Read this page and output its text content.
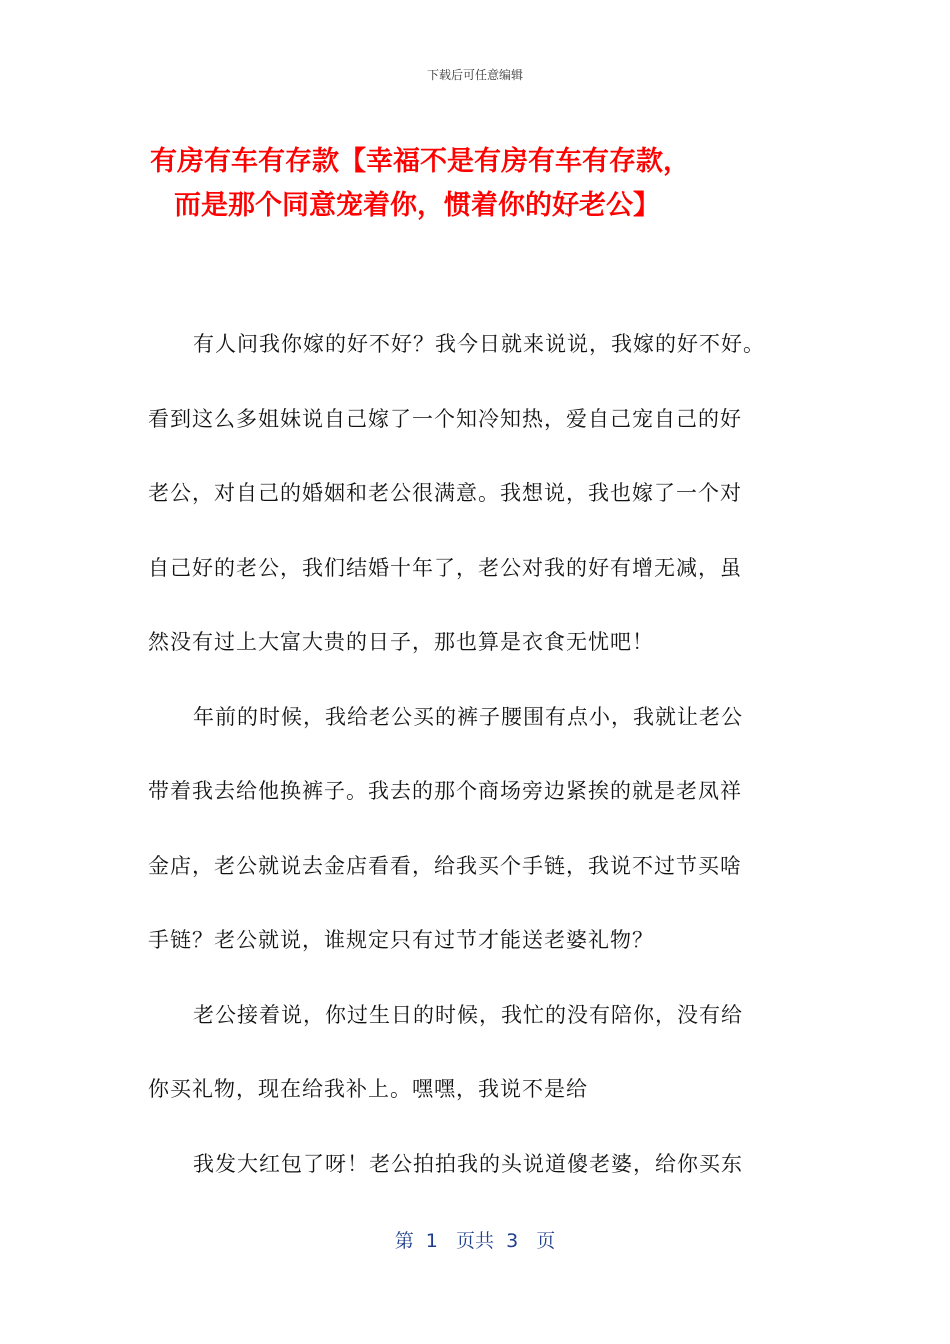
下载后可任意编辑
有房有车有存款【幸福不是有房有车有存款，
而是那个同意宠着你，惯着你的好老公】
有人问我你嫁的好不好？我今日就来说说，我嫁的好不好。
看到这么多姐妹说自己嫁了一个知冷知热，爱自己宠自己的好
老公，对自己的婚姻和老公很满意。我想说，我也嫁了一个对
自己好的老公，我们结婚十年了，老公对我的好有增无减，虽
然没有过上大富大贵的日子，那也算是衣食无忧吧！
年前的时候，我给老公买的裤子腰围有点小，我就让老公
带着我去给他换裤子。我去的那个商场旁边紧挨的就是老凤祥
金店，老公就说去金店看看，给我买个手链，我说不过节买啥
手链？老公就说，谁规定只有过节才能送老婆礼物？
老公接着说，你过生日的时候，我忙的没有陪你，没有给
你买礼物，现在给我补上。嘿嘿，我说不是给
我发大红包了呀！老公拍拍我的头说道傻老婆，给你买东
第  1   页共  3   页
